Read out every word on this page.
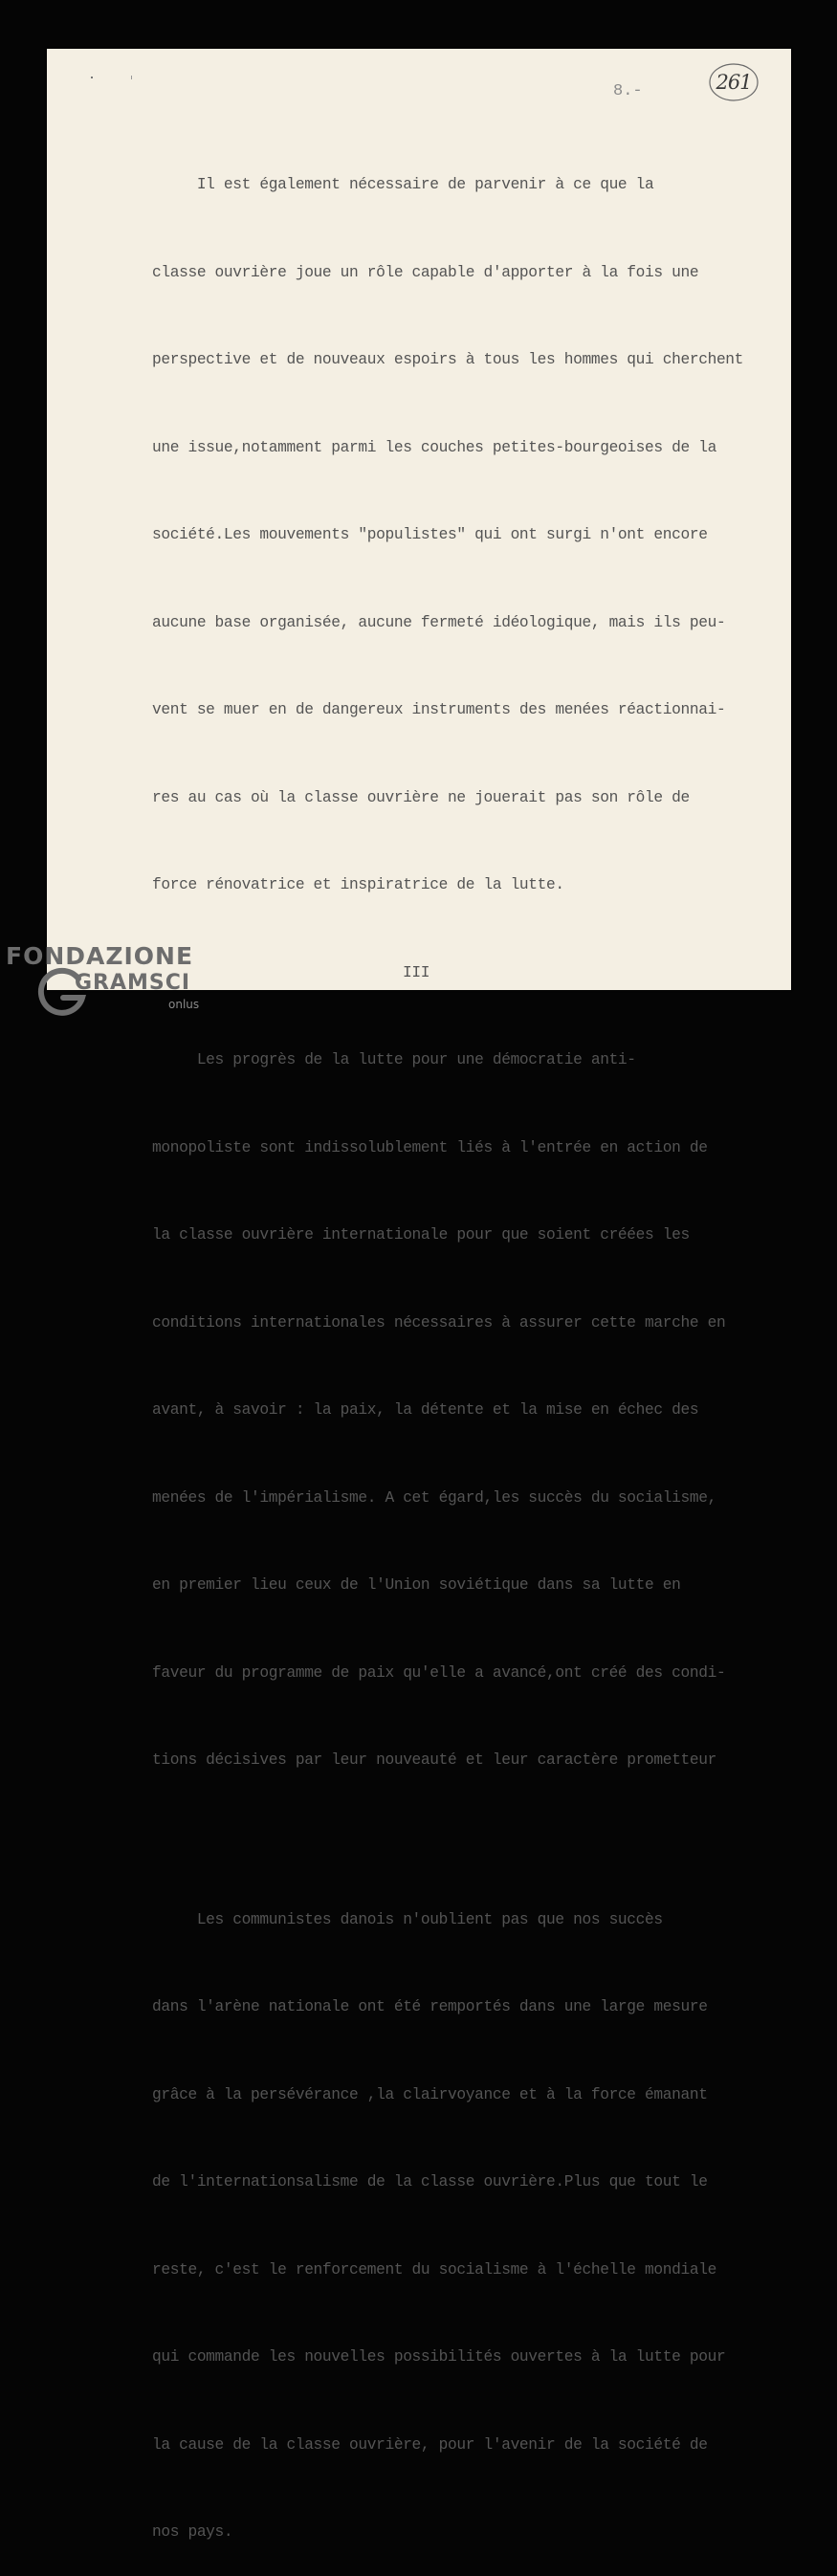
8.-	261

Il est également nécessaire de parvenir à ce que la

classe ouvrière joue un rôle capable d'apporter à la fois une

perspective et de nouveaux espoirs à tous les hommes qui cherchent

une issue,notamment parmi les couches petites-bourgeoises de la

société.Les mouvements "populistes" qui ont surgi n'ont encore

aucune base organisée, aucune fermeté idéologique, mais ils peu-

vent se muer en de dangereux instruments des menées réactionnai-

res au cas où la classe ouvrière ne jouerait pas son rôle de

force rénovatrice et inspiratrice de la lutte.

III

Les progrès de la lutte pour une démocratie anti-

monopoliste sont indissolublement liés à l'entrée en action de

la classe ouvrière internationale pour que soient créées les

conditions internationales nécessaires à assurer cette marche en

avant, à savoir : la paix, la détente et la mise en échec des

menées de l'impérialisme. A cet égard,les succès du socialisme,

en premier lieu ceux de l'Union soviétique dans sa lutte en

faveur du programme de paix qu'elle a avancé,ont créé des condi-

tions décisives par leur nouveauté et leur caractère prometteur

Les communistes danois n'oublient pas que nos succès

dans l'arène nationale ont été remportés dans une large mesure

grâce à la persévérance ,la clairvoyance et à la force émanant

de l'internationsalisme de la classe ouvrière.Plus que tout le

reste, c'est le renforcement du socialisme à l'échelle mondiale

qui commande les nouvelles possibilités ouvertes à la lutte pour

la cause de la classe ouvrière, pour l'avenir de la société de

nos pays.

FONDAZIONE
GRAMSCI
onlus
